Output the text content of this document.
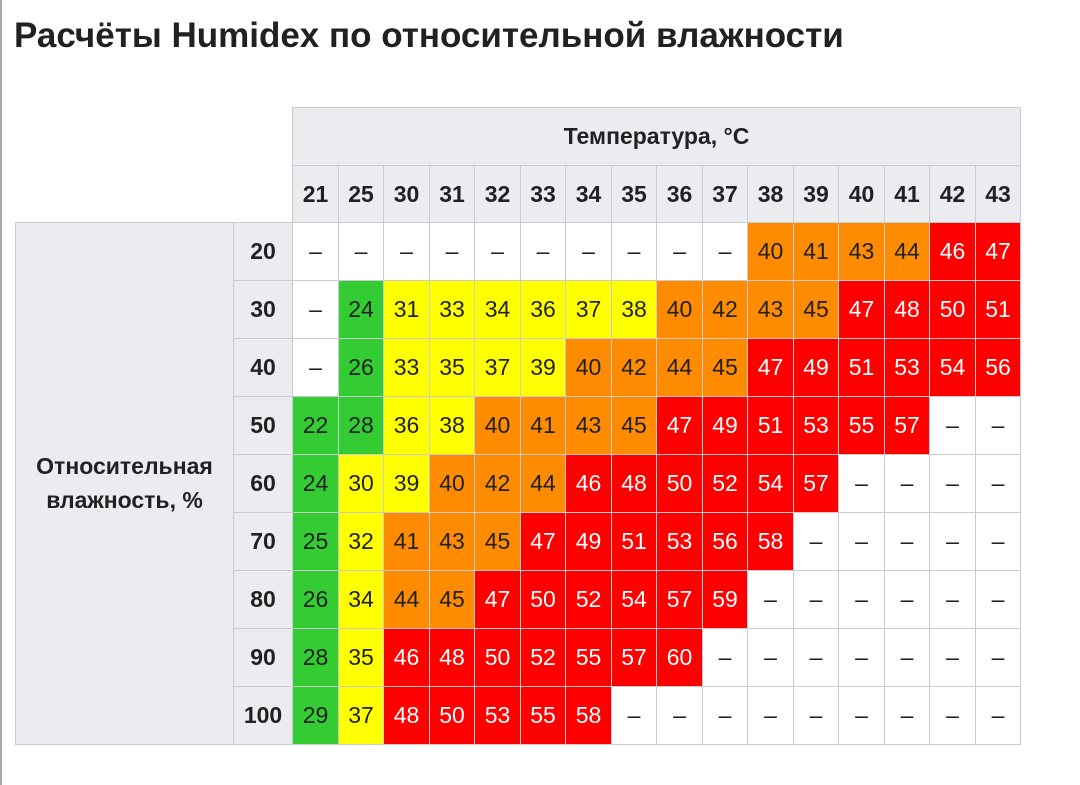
Расчёты Humidex по относительной влажности
		Температура, °C															
		21	25	30	31	32	33	34	35	36	37	38	39	40	41	42	43
Относительная влажность, %	20	–	–	–	–	–	–	–	–	–	–	40	41	43	44	46	47
	30	–	24	31	33	34	36	37	38	40	42	43	45	47	48	50	51
	40	–	26	33	35	37	39	40	42	44	45	47	49	51	53	54	56
	50	22	28	36	38	40	41	43	45	47	49	51	53	55	57	–	–
	60	24	30	39	40	42	44	46	48	50	52	54	57	–	–	–	–
	70	25	32	41	43	45	47	49	51	53	56	58	–	–	–	–	–
	80	26	34	44	45	47	50	52	54	57	59	–	–	–	–	–	–
	90	28	35	46	48	50	52	55	57	60	–	–	–	–	–	–	–
	100	29	37	48	50	53	55	58	–	–	–	–	–	–	–	–	–
